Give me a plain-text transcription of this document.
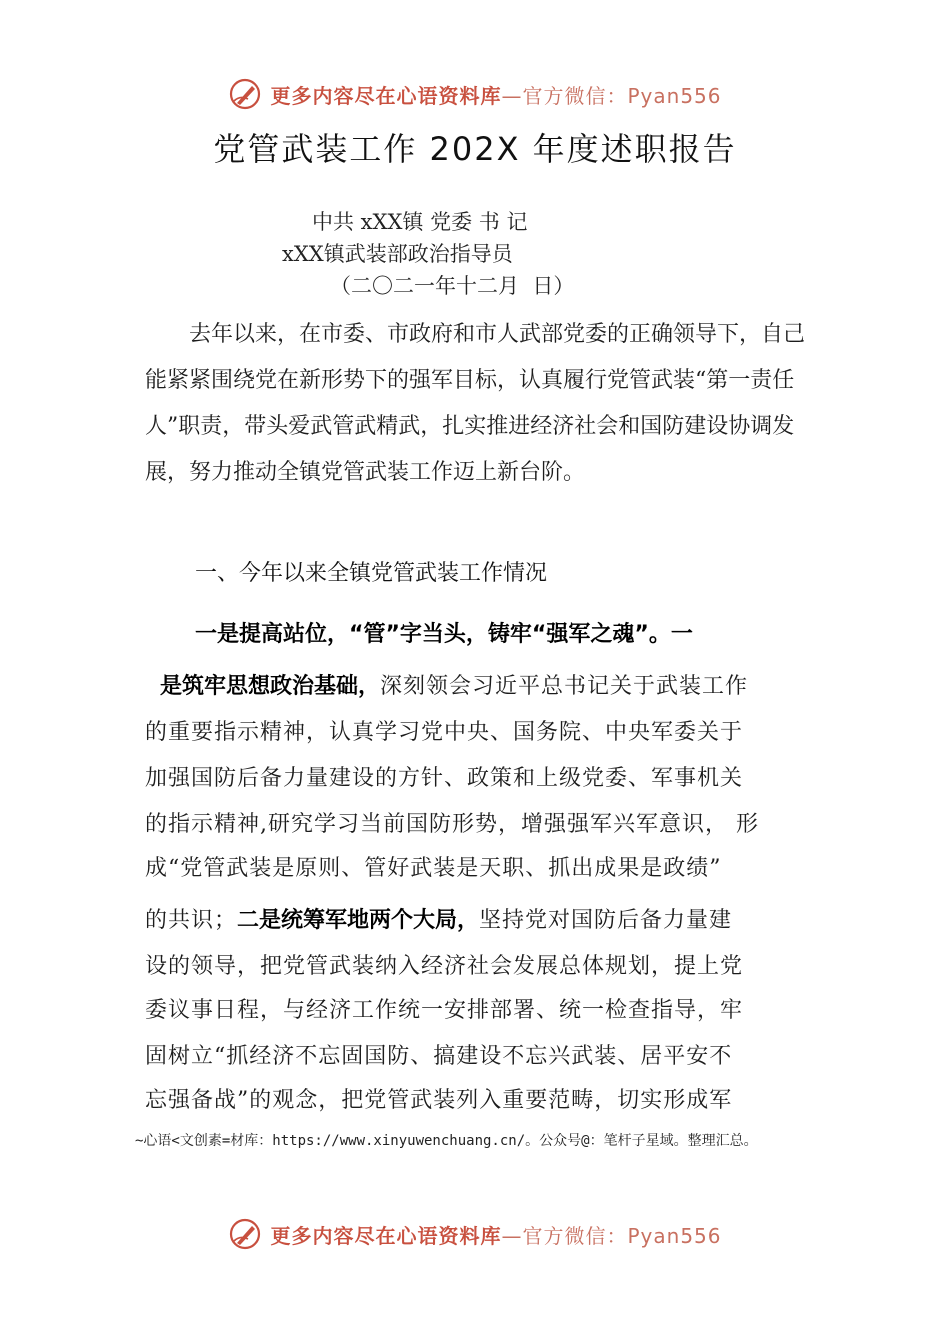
更多内容尽在心语资料库—官方微信：Pyan556
党管武装工作 202X 年度述职报告
中共 xXX镇 党委 书 记
xXX镇武装部政治指导员
（二〇二一年十二月  日）
去年以来，在市委、市政府和市人武部党委的正确领导下，自己能紧紧围绕党在新形势下的强军目标，认真履行党管武装“第一责任人”职责，带头爱武管武精武，扎实推进经济社会和国防建设协调发展，努力推动全镇党管武装工作迈上新台阶。
一、今年以来全镇党管武装工作情况
一是提高站位，“管”字当头，铸牢“强军之魂”。一
是筑牢思想政治基础，深刻领会习近平总书记关于武装工作
的重要指示精神，认真学习党中央、国务院、中央军委关于
加强国防后备力量建设的方针、政策和上级党委、军事机关
的指示精神,研究学习当前国防形势，增强强军兴军意识， 形
成“党管武装是原则、管好武装是天职、抓出成果是政绩”
的共识；二是统筹军地两个大局，坚持党对国防后备力量建
设的领导，把党管武装纳入经济社会发展总体规划，提上党
委议事日程，与经济工作统一安排部署、统一检查指导，牢
固树立“抓经济不忘固国防、搞建设不忘兴武装、居平安不
忘强备战”的观念，把党管武装列入重要范畴，切实形成军
~心语<文创素=材库：https://www.xinyuwenchuang.cn/。公众号@：笔杆子星域。整理汇总。
更多内容尽在心语资料库—官方微信：Pyan556
